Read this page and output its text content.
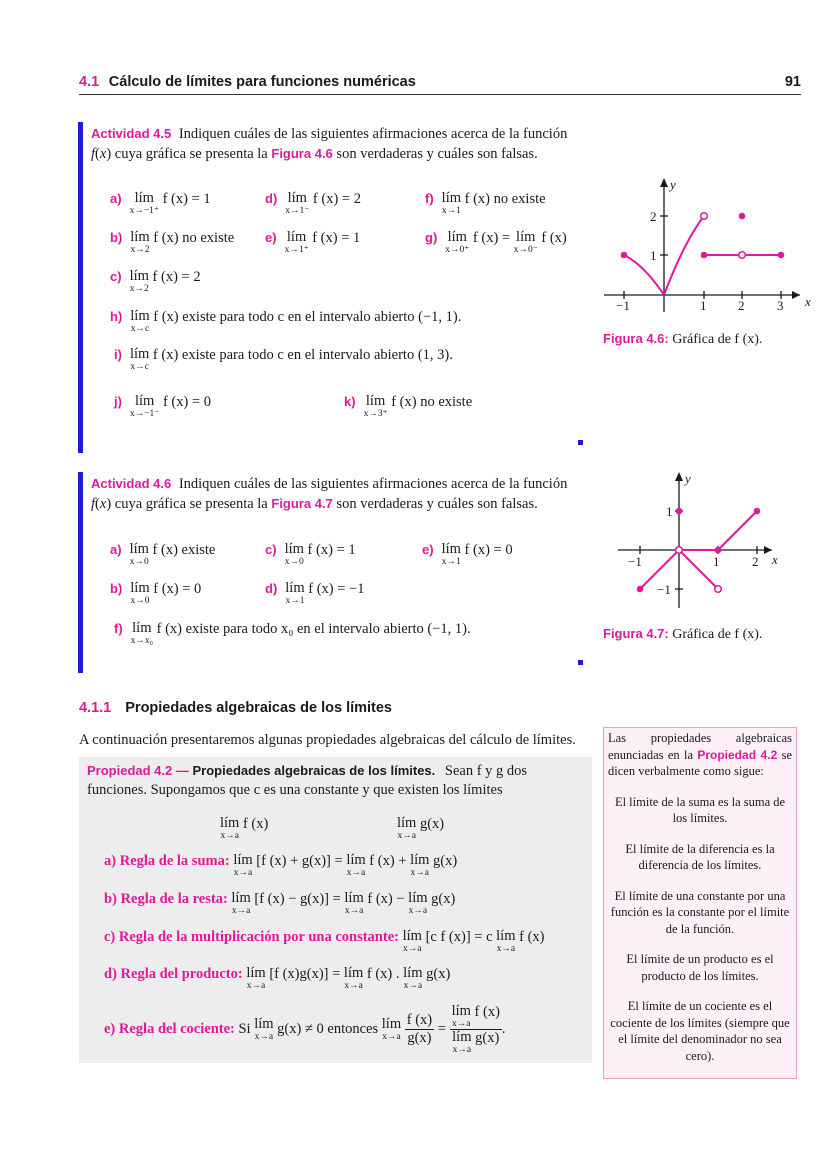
4.1 Cálculo de límites para funciones numéricas	91
Actividad 4.5 Indiquen cuáles de las siguientes afirmaciones acerca de la función
f(x) cuya gráfica se presenta la Figura 4.6 son verdaderas y cuáles son falsas.
a) lím
x→−1⁺
f (x) = 1	d) lím
x→1⁻
f (x) = 2	f) lím
x→1
f (x) no existe
b) lím
x→2
f (x) no existe e) lím
x→1⁺
f (x) = 1	g) lím
x→0⁺
f (x) = lím
x→0⁻
f (x)
c) lím
x→2
f (x) = 2
h) lím
x→c
f (x) existe para todo c en el intervalo abierto (−1, 1).
i) lím
x→c
f (x) existe para todo c en el intervalo abierto (1, 3).
j) lím
x→−1⁻
f (x) = 0	k) lím
x→3⁺
f (x) no existe
x
y
−1	1 2	3
1
2
Figura 4.6: Gráfica de f (x).
Actividad 4.6 Indiquen cuáles de las siguientes afirmaciones acerca de la función
f(x) cuya gráfica se presenta la Figura 4.7 son verdaderas y cuáles son falsas.
a) lím
x→0
f (x) existe	c) lím
x→0
f (x) = 1	e) lím
x→1
f (x) = 0
b) lím
x→0
f (x) = 0	d) lím
x→1
f (x) = −1
f) lím
x→x₀
f (x) existe para todo x₀ en el intervalo abierto (−1, 1).
x
y
−1	1	2
1
−1
Figura 4.7: Gráfica de f (x).
4.1.1 Propiedades algebraicas de los límites
A continuación presentaremos algunas propiedades algebraicas del cálculo de límites.
Propiedad 4.2 — Propiedades algebraicas de los límites. Sean f y g dos
funciones. Supongamos que c es una constante y que existen los límites
lím
x→a
f (x)	lím
x→a
g(x)
a) Regla de la suma: lím
x→a
[f (x) + g(x)] = lím
x→a
f (x) + lím
x→a
g(x)
b) Regla de la resta: lím
x→a
[f (x) − g(x)] = lím
x→a
f (x) − lím
x→a
g(x)
c) Regla de la multiplicación por una constante: lím
x→a
[c f (x)] = c lím
x→a
f (x)
d) Regla del producto: lím
x→a
[f (x)g(x)] = lím
x→a
f (x) . lím
x→a
g(x)
e) Regla del cociente: Si lím
x→a g(x) ≠ 0 entonces lím
x→a
$\frac{f (x)}{g(x)}$ = lím
x→a
f (x)
lím
x→a
g(x) .

Las propiedades algebraicas enunciadas en la Propiedad 4.2 se dicen verbalmente como sigue:

El límite de la suma es la suma de los límites.

El límite de la diferencia es la diferencia de los límites.

El límite de una constante por una función es la constante por el límite de la función.

El límite de un producto es el producto de los límites.

El límite de un cociente es el cociente de los límites (siempre que el límite del denominador no sea cero).
